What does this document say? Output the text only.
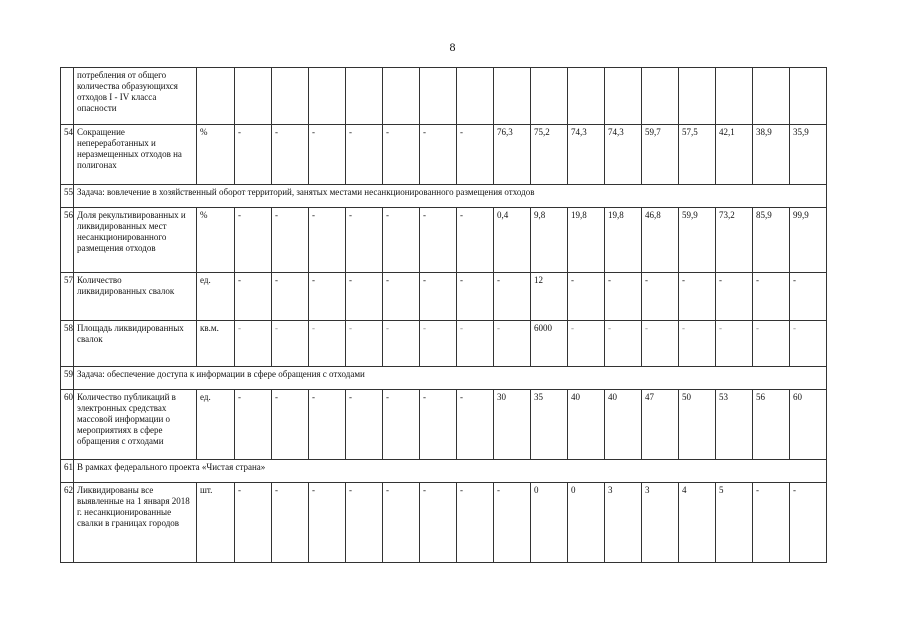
8
	потребления от общего количества образующихся отходов I - IV класса опасности																	
54	Сокращение непереработанных и неразмещенных отходов на полигонах	%	-	-	-	-	-	-	-	76,3	75,2	74,3	74,3	59,7	57,5	42,1	38,9	35,9
55	Задача: вовлечение в хозяйственный оборот территорий, занятых местами несанкционированного размещения отходов																	
56	Доля рекультивированных и ликвидированных мест несанкционированного размещения отходов	%	-	-	-	-	-	-	-	0,4	9,8	19,8	19,8	46,8	59,9	73,2	85,9	99,9
57	Количество ликвидированных свалок	ед.	-	-	-	-	-	-	-	-	12	-	-	-	-	-	-	-
58	Площадь ликвидированных свалок	кв.м.	-	-	-	-	-	-	-	-	6000	-	-	-	-	-	-	-
59	Задача: обеспечение доступа к информации в сфере обращения с отходами																	
60	Количество публикаций в электронных средствах массовой информации о мероприятиях в сфере обращения с отходами	ед.	-	-	-	-	-	-	-	30	35	40	40	47	50	53	56	60
61	В рамках федерального проекта «Чистая страна»																	
62	Ликвидированы все выявленные на 1 января 2018 г. несанкционированные свалки в границах городов	шт.	-	-	-	-	-	-	-	-	0	0	3	3	4	5	-	-
